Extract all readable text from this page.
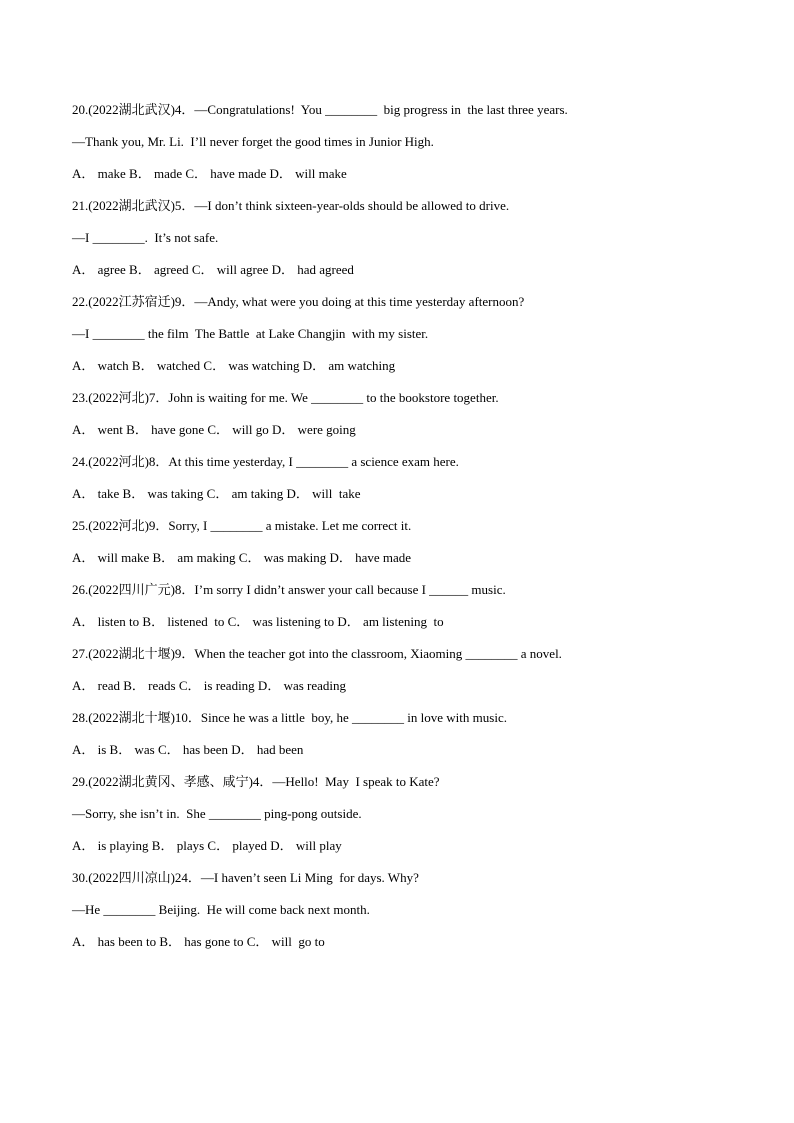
20.(2022湖北武汉)4．—Congratulations!  You ________  big progress in  the last three years.
—Thank you, Mr. Li.  I’ll never forget the good times in Junior High.
A． make B． made C． have made D． will make
21.(2022湖北武汉)5．—I don’t think sixteen-year-olds should be allowed to drive.
—I ________.  It’s not safe.
A． agree B． agreed C． will agree D． had agreed
22.(2022江苏宿迁)9．—Andy, what were you doing at this time yesterday afternoon?
—I ________ the film  The Battle  at Lake Changjin  with my sister.
A． watch B． watched C． was watching D． am watching
23.(2022河北)7．John is waiting for me. We ________ to the bookstore together.
A． went B． have gone C． will go D． were going
24.(2022河北)8．At this time yesterday, I ________ a science exam here.
A． take B． was taking C． am taking D． will  take
25.(2022河北)9．Sorry, I ________ a mistake. Let me correct it.
A． will make B． am making C． was making D． have made
26.(2022四川广元)8．I’m sorry I didn’t answer your call because I ______ music.
A． listen to B． listened  to C． was listening to D． am listening  to
27.(2022湖北十堰)9．When the teacher got into the classroom, Xiaoming ________ a novel.
A． read B． reads C． is reading D． was reading
28.(2022湖北十堰)10．Since he was a little  boy, he ________ in love with music.
A． is B． was C． has been D． had been
29.(2022湖北黄冈、孝感、咸宁)4．—Hello!  May  I speak to Kate?
—Sorry, she isn’t in.  She ________ ping-pong outside.
A． is playing B． plays C． played D． will play
30.(2022四川凉山)24．—I haven’t seen Li Ming  for days. Why?
—He ________ Beijing.  He will come back next month.
A． has been to B． has gone to C． will  go to
